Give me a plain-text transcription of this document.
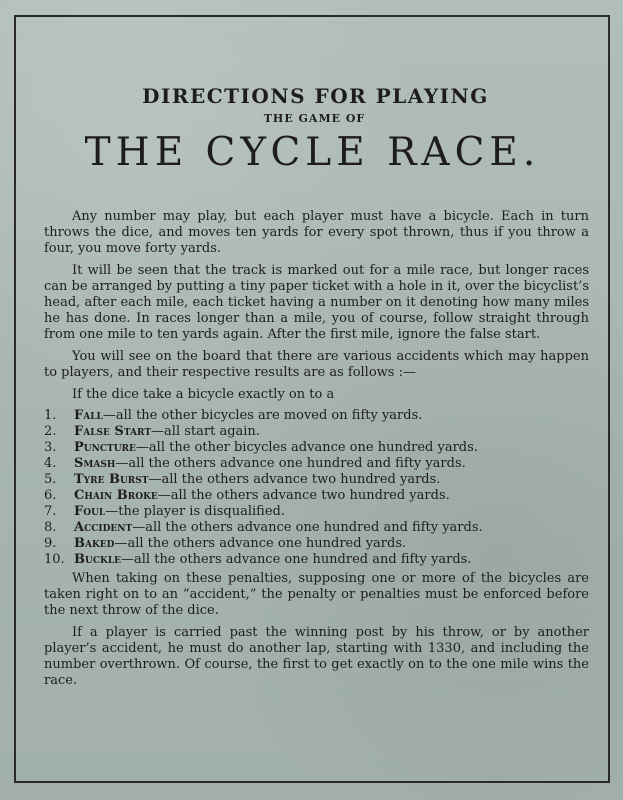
DIRECTIONS FOR PLAYING
THE GAME OF
THE CYCLE RACE.

Any number may play, but each player must have a bicycle. Each in turn throws the dice, and moves ten yards for every spot thrown, thus if you throw a four, you move forty yards.

It will be seen that the track is marked out for a mile race, but longer races can be arranged by putting a tiny paper ticket with a hole in it, over the bicyclist’s head, after each mile, each ticket having a number on it denoting how many miles he has done. In races longer than a mile, you of course, follow straight through from one mile to ten yards again. After the first mile, ignore the false start.

You will see on the board that there are various accidents which may happen to players, and their respective results are as follows :—

If the dice take a bicycle exactly on to a

1.	Fall—all the other bicycles are moved on fifty yards.
2.	False Start—all start again.
3.	Puncture—all the other bicycles advance one hundred yards.
4.	Smash—all the others advance one hundred and fifty yards.
5.	Tyre Burst—all the others advance two hundred yards.
6.	Chain Broke—all the others advance two hundred yards.
7.	Foul—the player is disqualified.
8.	Accident—all the others advance one hundred and fifty yards.
9.	Baked—all the others advance one hundred yards.
10. Buckle—all the others advance one hundred and fifty yards.

When taking on these penalties, supposing one or more of the bicycles are taken right on to an “accident,” the penalty or penalties must be enforced before the next throw of the dice.

If a player is carried past the winning post by his throw, or by another player’s accident, he must do another lap, starting with 1330, and including the number overthrown. Of course, the first to get exactly on to the one mile wins the race.
